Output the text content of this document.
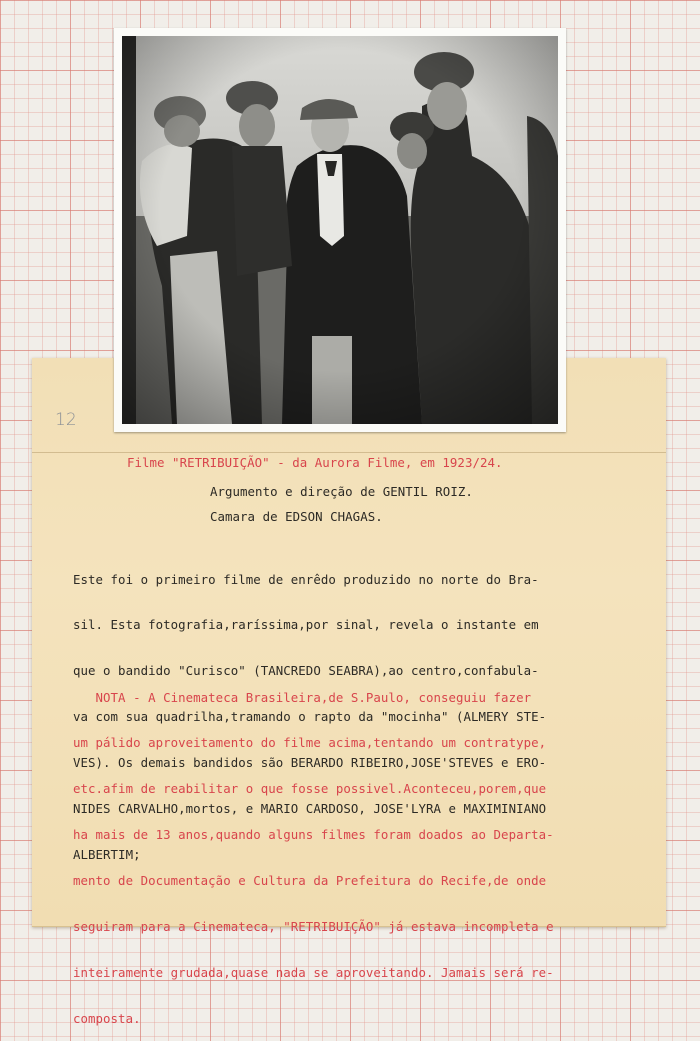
12

Filme "RETRIBUIÇÃO" - da Aurora Filme, em 1923/24.

Argumento e direção de GENTIL ROIZ.

Camara de EDSON CHAGAS.

Este foi o primeiro filme de enrêdo produzido no norte do Bra-

sil. Esta fotografia,raríssima,por sinal, revela o instante em

que o bandido "Curisco" (TANCREDO SEABRA),ao centro,confabula-

va com sua quadrilha,tramando o rapto da "mocinha" (ALMERY STE-

VES). Os demais bandidos são BERARDO RIBEIRO,JOSE'STEVES e ERO-

NIDES CARVALHO,mortos, e MARIO CARDOSO, JOSE'LYRA e MAXIMINIANO

ALBERTIM;

NOTA - A Cinemateca Brasileira,de S.Paulo, conseguiu fazer

um pálido aproveitamento do filme acima,tentando um contratype,

etc.afim de reabilitar o que fosse possivel.Aconteceu,porem,que

ha mais de 13 anos,quando alguns filmes foram doados ao Departa-

mento de Documentação e Cultura da Prefeitura do Recife,de onde

seguiram para a Cinemateca, "RETRIBUIÇÃO" já estava incompleta e

inteiramente grudada,quase nada se aproveitando. Jamais será re-

composta.
